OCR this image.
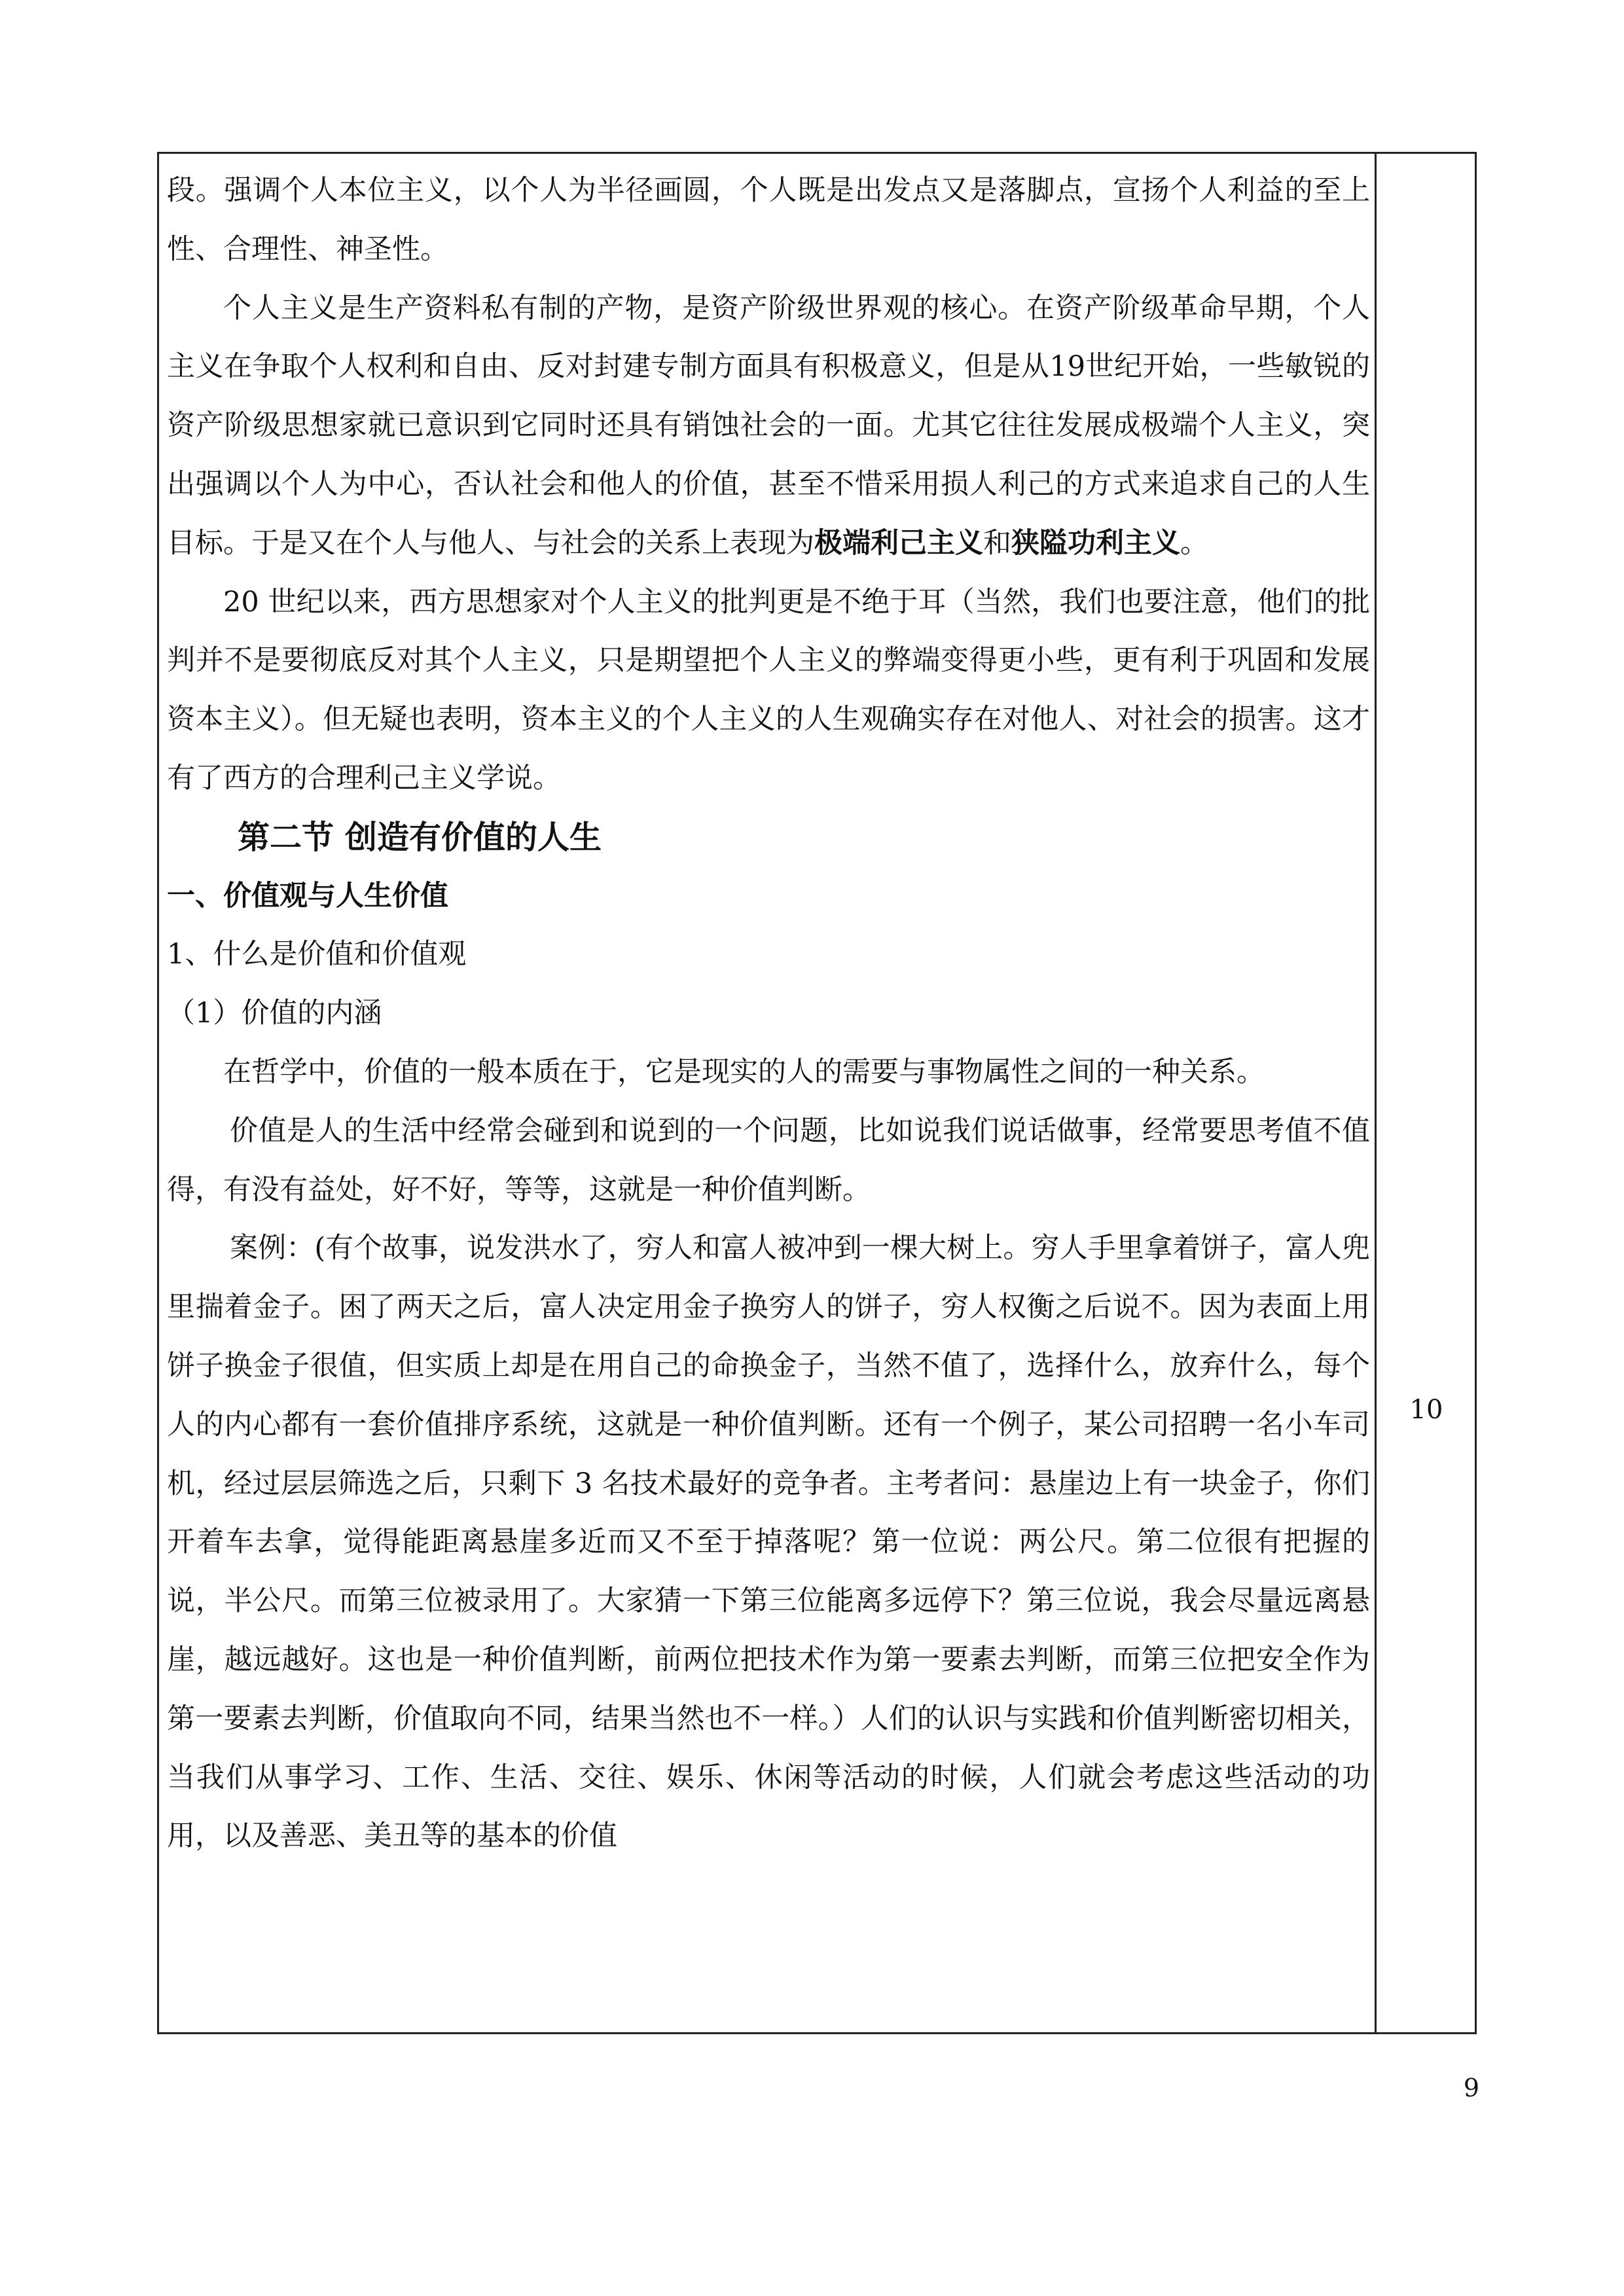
段。强调个人本位主义，以个人为半径画圆，个人既是出发点又是落脚点，宣扬个人利益的至上性、合理性、神圣性。

个人主义是生产资料私有制的产物，是资产阶级世界观的核心。在资产阶级革命早期，个人主义在争取个人权利和自由、反对封建专制方面具有积极意义，但是从19世纪开始，一些敏锐的资产阶级思想家就已意识到它同时还具有销蚀社会的一面。尤其它往往发展成极端个人主义，突出强调以个人为中心，否认社会和他人的价值，甚至不惜采用损人利己的方式来追求自己的人生目标。于是又在个人与他人、与社会的关系上表现为极端利己主义和狭隘功利主义。

20 世纪以来，西方思想家对个人主义的批判更是不绝于耳（当然，我们也要注意，他们的批判并不是要彻底反对其个人主义，只是期望把个人主义的弊端变得更小些，更有利于巩固和发展资本主义）。但无疑也表明，资本主义的个人主义的人生观确实存在对他人、对社会的损害。这才有了西方的合理利己主义学说。

第二节 创造有价值的人生

一、价值观与人生价值

1、什么是价值和价值观

（1）价值的内涵

在哲学中，价值的一般本质在于，它是现实的人的需要与事物属性之间的一种关系。

价值是人的生活中经常会碰到和说到的一个问题，比如说我们说话做事，经常要思考值不值得，有没有益处，好不好，等等，这就是一种价值判断。

案例：(有个故事，说发洪水了，穷人和富人被冲到一棵大树上。穷人手里拿着饼子，富人兜里揣着金子。困了两天之后，富人决定用金子换穷人的饼子，穷人权衡之后说不。因为表面上用饼子换金子很值，但实质上却是在用自己的命换金子，当然不值了，选择什么，放弃什么，每个人的内心都有一套价值排序系统，这就是一种价值判断。还有一个例子，某公司招聘一名小车司机，经过层层筛选之后，只剩下 3 名技术最好的竞争者。主考者问：悬崖边上有一块金子，你们开着车去拿，觉得能距离悬崖多近而又不至于掉落呢？第一位说：两公尺。第二位很有把握的说，半公尺。而第三位被录用了。大家猜一下第三位能离多远停下？第三位说，我会尽量远离悬崖，越远越好。这也是一种价值判断，前两位把技术作为第一要素去判断，而第三位把安全作为第一要素去判断，价值取向不同，结果当然也不一样。）人们的认识与实践和价值判断密切相关，当我们从事学习、工作、生活、交往、娱乐、休闲等活动的时候，人们就会考虑这些活动的功用，以及善恶、美丑等的基本的价值

10
9
